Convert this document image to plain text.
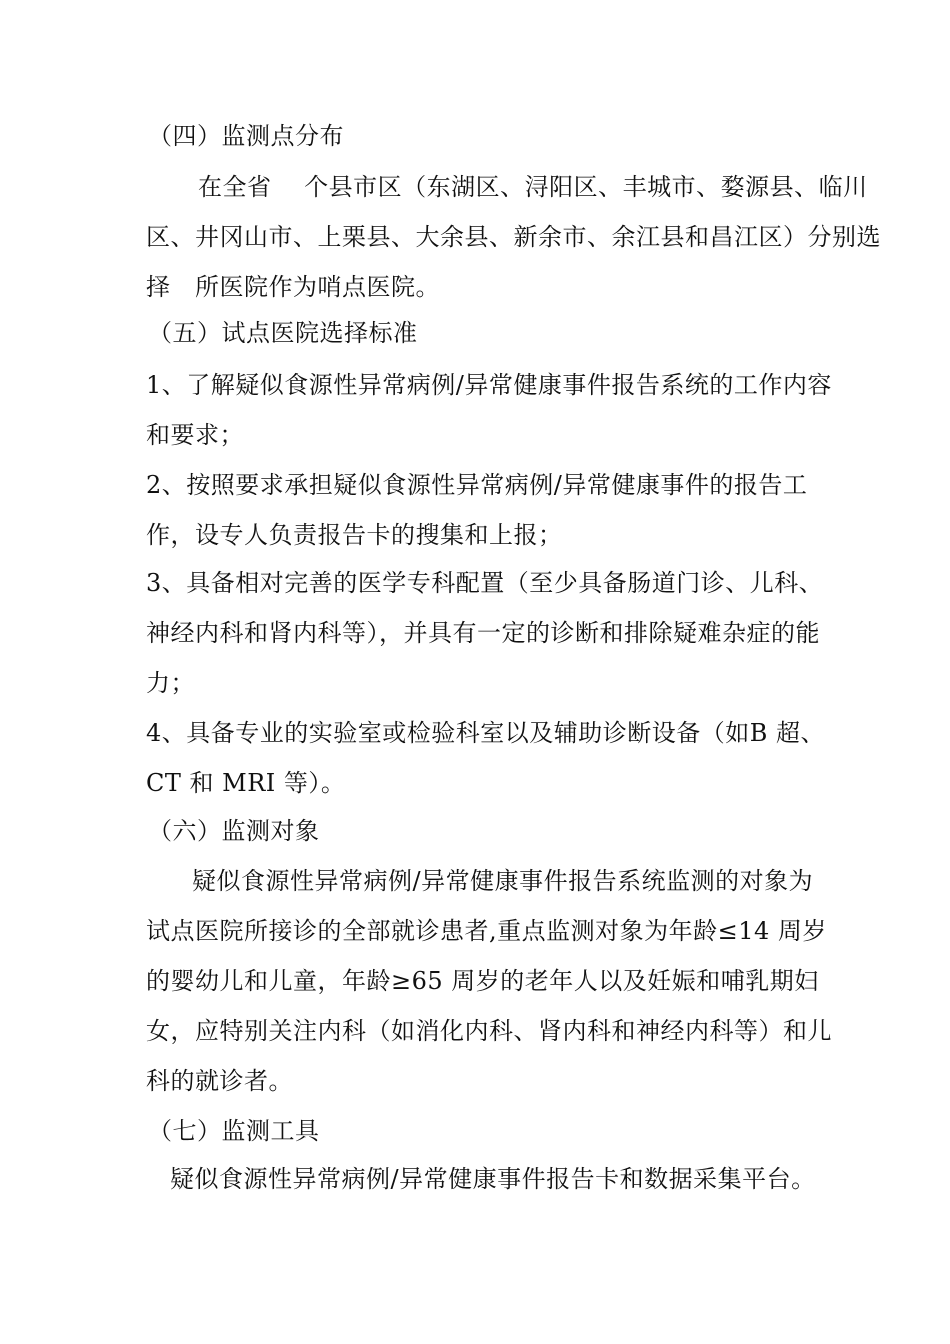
（四）监测点分布
在全省　 个县市区（东湖区、浔阳区、丰城市、婺源县、临川
区、井冈山市、上栗县、大余县、新余市、余江县和昌江区）分别选
择　所医院作为哨点医院。
（五）试点医院选择标准
1、了解疑似食源性异常病例/异常健康事件报告系统的工作内容
和要求；
2、按照要求承担疑似食源性异常病例/异常健康事件的报告工
作，设专人负责报告卡的搜集和上报；
3、具备相对完善的医学专科配置（至少具备肠道门诊、儿科、
神经内科和肾内科等），并具有一定的诊断和排除疑难杂症的能
力；
4、具备专业的实验室或检验科室以及辅助诊断设备（如B 超、
CT 和 MRI 等）。
（六）监测对象
疑似食源性异常病例/异常健康事件报告系统监测的对象为
试点医院所接诊的全部就诊患者,重点监测对象为年龄≤14 周岁
的婴幼儿和儿童，年龄≥65 周岁的老年人以及妊娠和哺乳期妇
女，应特别关注内科（如消化内科、肾内科和神经内科等）和儿
科的就诊者。
（七）监测工具
疑似食源性异常病例/异常健康事件报告卡和数据采集平台。
